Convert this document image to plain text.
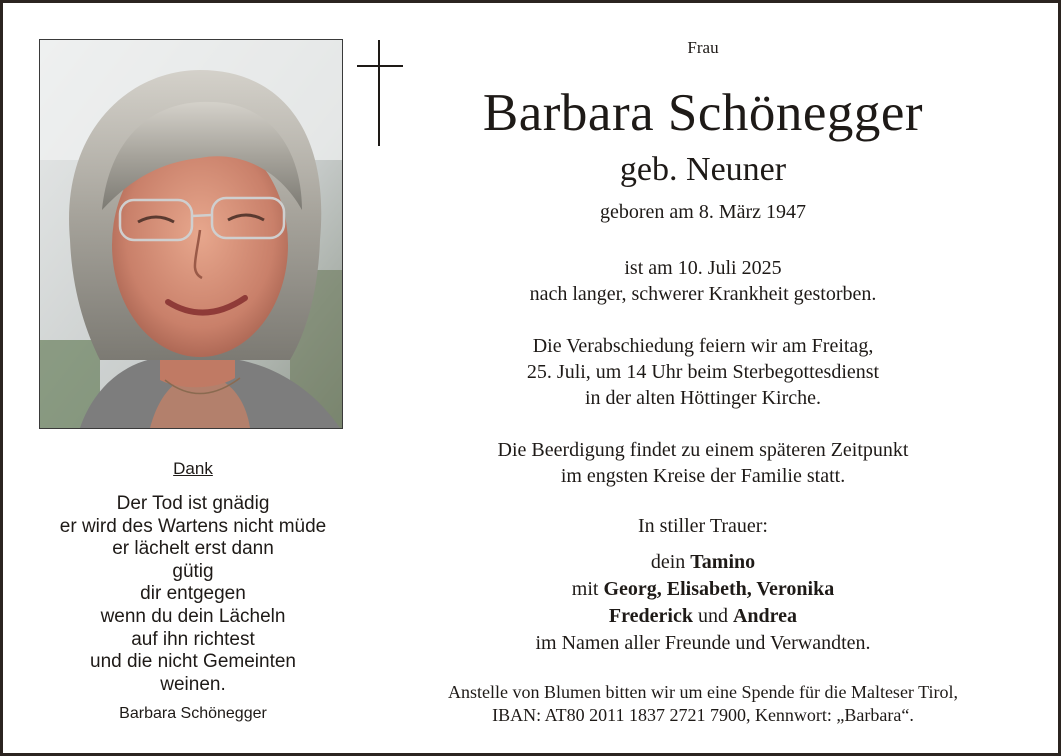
Frau
Barbara Schönegger
geb. Neuner
geboren am 8. März 1947
ist am 10. Juli 2025
nach langer, schwerer Krankheit gestorben.
Die Verabschiedung feiern wir am Freitag,
25. Juli, um 14 Uhr beim Sterbegottesdienst
in der alten Höttinger Kirche.
Die Beerdigung findet zu einem späteren Zeitpunkt
im engsten Kreise der Familie statt.
In stiller Trauer:
dein Tamino
mit Georg, Elisabeth, Veronika
Frederick und Andrea
im Namen aller Freunde und Verwandten.
Anstelle von Blumen bitten wir um eine Spende für die Malteser Tirol,
IBAN: AT80 2011 1837 2721 7900, Kennwort: „Barbara“.
Dank
Der Tod ist gnädig
er wird des Wartens nicht müde
er lächelt erst dann
gütig
dir entgegen
wenn du dein Lächeln
auf ihn richtest
und die nicht Gemeinten
weinen.
Barbara Schönegger
